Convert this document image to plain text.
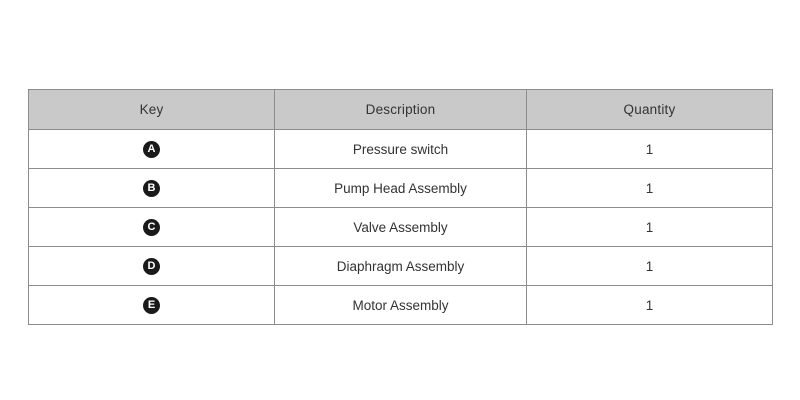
Key	Description	Quantity
A	Pressure switch	1
B	Pump Head Assembly	1
C	Valve Assembly	1
D	Diaphragm Assembly	1
E	Motor Assembly	1
